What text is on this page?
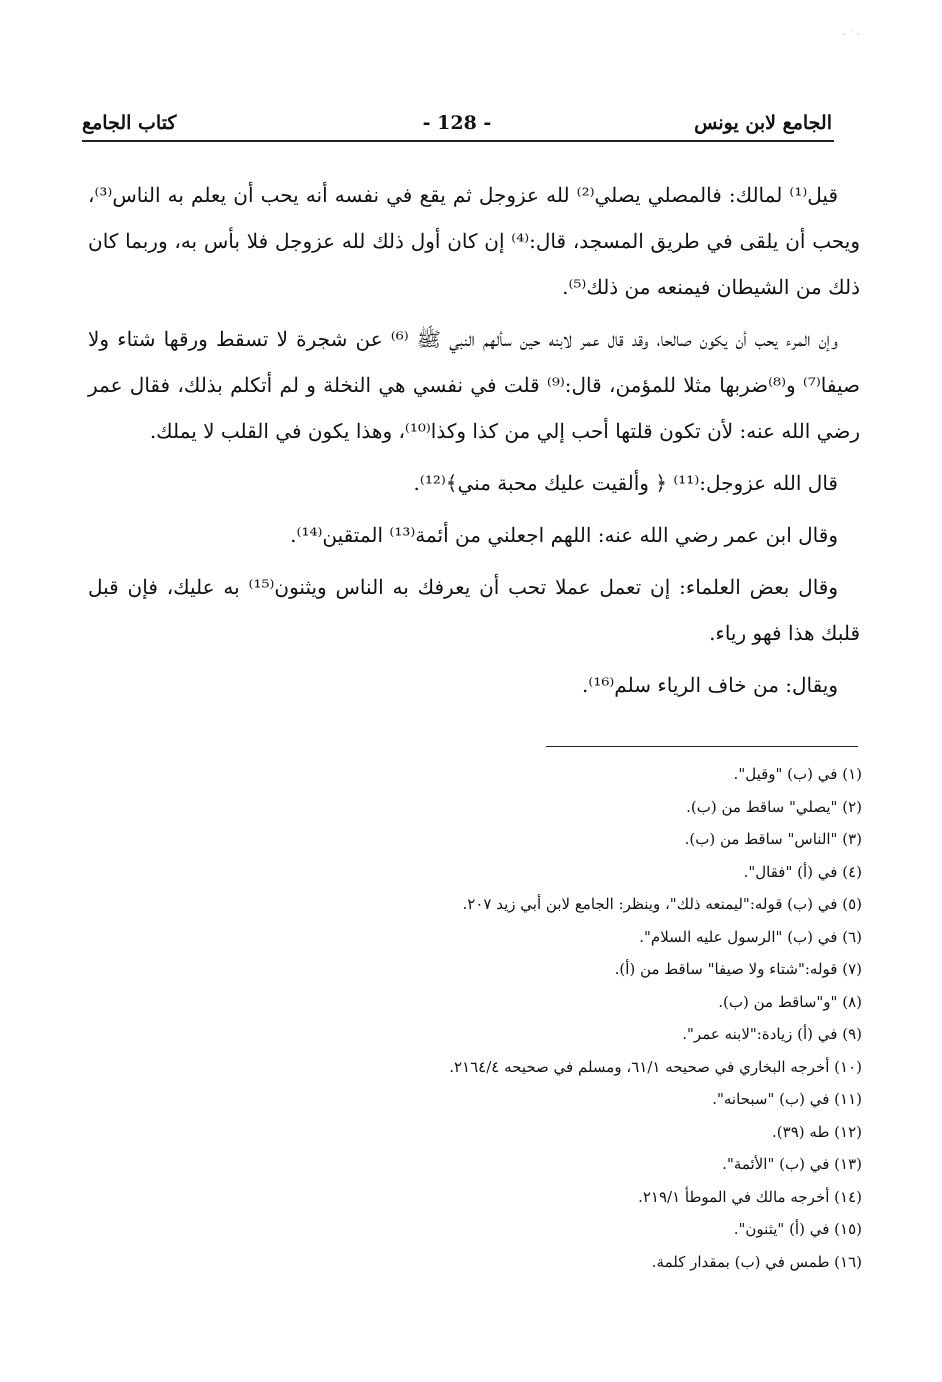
· ˙ ·
الجامع لابن يونس
- 128 -
كتاب الجامع

قيل⁽¹⁾ لمالك: فالمصلي يصلي⁽²⁾ لله عزوجل ثم يقع في نفسه أنه يحب أن يعلم به الناس⁽³⁾، ويحب أن يلقى في طريق المسجد، قال:⁽⁴⁾ إن كان أول ذلك لله عزوجل فلا بأس به، وربما كان ذلك من الشيطان فيمنعه من ذلك⁽⁵⁾.

وإن المرء يحب أن يكون صالحا، وقد قال عمر لابنه حين سألهم النبي ﷺ ⁽⁶⁾ عن شجرة لا تسقط ورقها شتاء ولا صيفا⁽⁷⁾ و⁽⁸⁾ضربها مثلا للمؤمن، قال:⁽⁹⁾ قلت في نفسي هي النخلة و لم أتكلم بذلك، فقال عمر رضي الله عنه: لأن تكون قلتها أحب إلي من كذا وكذا⁽¹⁰⁾، وهذا يكون في القلب لا يملك.

قال الله عزوجل:⁽¹¹⁾ ﴿ وألقيت عليك محبة مني﴾⁽¹²⁾.

وقال ابن عمر رضي الله عنه: اللهم اجعلني من أئمة⁽¹³⁾ المتقين⁽¹⁴⁾.

وقال بعض العلماء: إن تعمل عملا تحب أن يعرفك به الناس ويثنون⁽¹⁵⁾ به عليك، فإن قبل قلبك هذا فهو رياء.

ويقال: من خاف الرياء سلم⁽¹⁶⁾.

(١) في (ب) "وقيل".
(٢) "يصلي" ساقط من (ب).
(٣) "الناس" ساقط من (ب).
(٤) في (أ) "فقال".
(٥) في (ب) قوله:"ليمنعه ذلك"، وينظر: الجامع لابن أبي زيد ٢٠٧.
(٦) في (ب) "الرسول عليه السلام".
(٧) قوله:"شتاء ولا صيفا" ساقط من (أ).
(٨) "و"ساقط من (ب).
(٩) في (أ) زيادة:"لابنه عمر".
(١٠) أخرجه البخاري في صحيحه ٦١/١، ومسلم في صحيحه ٢١٦٤/٤.
(١١) في (ب) "سبحانه".
(١٢) طه (٣٩).
(١٣) في (ب) "الأئمة".
(١٤) أخرجه مالك في الموطأ ٢١٩/١.
(١٥) في (أ) "يثنون".
(١٦) طمس في (ب) بمقدار كلمة.
